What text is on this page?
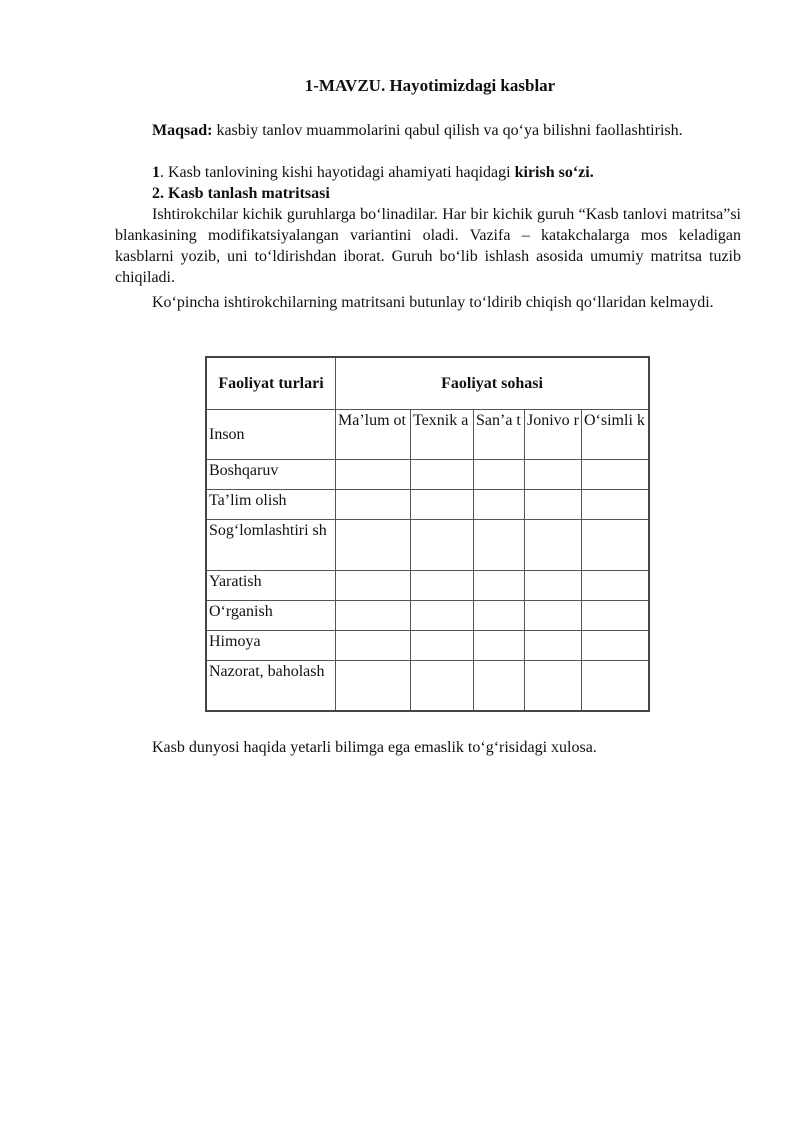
1-MAVZU. Hayotimizdagi kasblar
Maqsad: kasbiy tanlov muammolarini qabul qilish va qo‘ya bilishni faollashtirish.
1. Kasb tanlovining kishi hayotidagi ahamiyati haqidagi kirish so‘zi.
2. Kasb tanlash matritsasi
Ishtirokchilar kichik guruhlarga bo‘linadilar. Har bir kichik guruh “Kasb tanlovi matritsa”si blankasining modifikatsiyalangan variantini oladi. Vazifa – katakchalarga mos keladigan kasblarni yozib, uni to‘ldirishdan iborat. Guruh bo‘lib ishlash asosida umumiy matritsa tuzib chiqiladi.
Ko‘pincha ishtirokchilarning matritsani butunlay to‘ldirib chiqish qo‘llaridan kelmaydi.
Faoliyat turlari	Faoliyat sohasi				
Inson	Ma’lum ot	Texnik a	San’a t	Jonivo r	O‘simli k
Boshqaruv					
Ta’lim olish					
Sog‘lomlashtiri sh					
Yaratish					
O‘rganish					
Himoya					
Nazorat, baholash					
Kasb dunyosi haqida yetarli bilimga ega emaslik to‘g‘risidagi xulosa.
